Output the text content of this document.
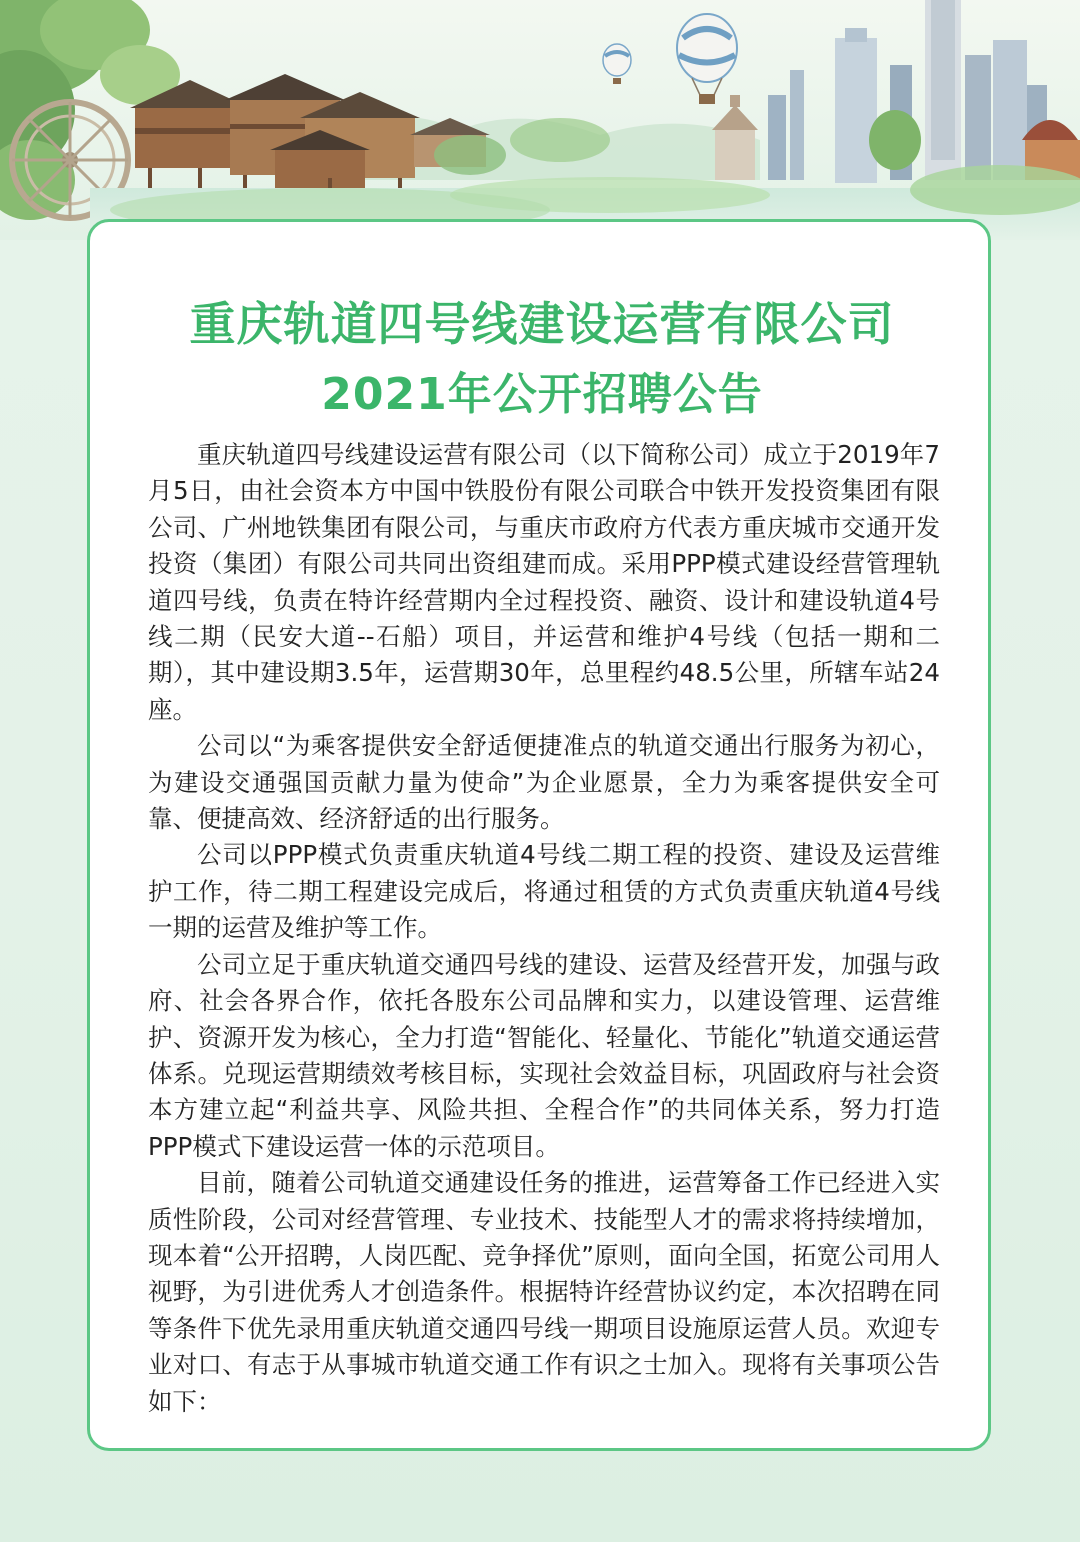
重庆轨道四号线建设运营有限公司
2021年公开招聘公告

重庆轨道四号线建设运营有限公司（以下简称公司）成立于2019年7月5日，由社会资本方中国中铁股份有限公司联合中铁开发投资集团有限公司、广州地铁集团有限公司，与重庆市政府方代表方重庆城市交通开发投资（集团）有限公司共同出资组建而成。采用PPP模式建设经营管理轨道四号线，负责在特许经营期内全过程投资、融资、设计和建设轨道4号线二期（民安大道--石船）项目，并运营和维护4号线（包括一期和二期），其中建设期3.5年，运营期30年，总里程约48.5公里，所辖车站24座。

公司以“为乘客提供安全舒适便捷准点的轨道交通出行服务为初心，为建设交通强国贡献力量为使命”为企业愿景，全力为乘客提供安全可靠、便捷高效、经济舒适的出行服务。

公司以PPP模式负责重庆轨道4号线二期工程的投资、建设及运营维护工作，待二期工程建设完成后，将通过租赁的方式负责重庆轨道4号线一期的运营及维护等工作。

公司立足于重庆轨道交通四号线的建设、运营及经营开发，加强与政府、社会各界合作，依托各股东公司品牌和实力，以建设管理、运营维护、资源开发为核心，全力打造“智能化、轻量化、节能化”轨道交通运营体系。兑现运营期绩效考核目标，实现社会效益目标，巩固政府与社会资本方建立起“利益共享、风险共担、全程合作”的共同体关系，努力打造PPP模式下建设运营一体的示范项目。

目前，随着公司轨道交通建设任务的推进，运营筹备工作已经进入实质性阶段，公司对经营管理、专业技术、技能型人才的需求将持续增加，现本着“公开招聘，人岗匹配、竞争择优”原则，面向全国，拓宽公司用人视野，为引进优秀人才创造条件。根据特许经营协议约定，本次招聘在同等条件下优先录用重庆轨道交通四号线一期项目设施原运营人员。欢迎专业对口、有志于从事城市轨道交通工作有识之士加入。现将有关事项公告如下：
